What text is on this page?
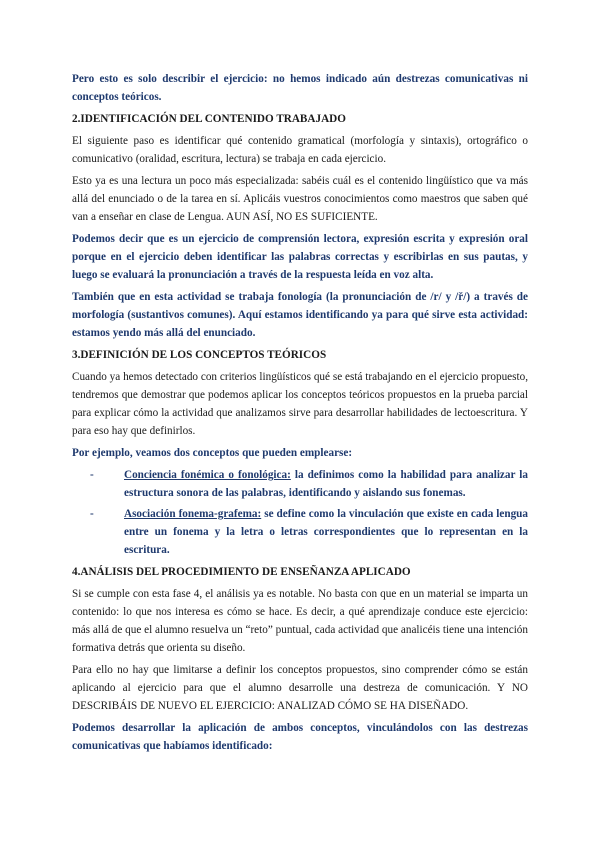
Pero esto es solo describir el ejercicio: no hemos indicado aún destrezas comunicativas ni conceptos teóricos.

2.IDENTIFICACIÓN DEL CONTENIDO TRABAJADO

El siguiente paso es identificar qué contenido gramatical (morfología y sintaxis), ortográfico o comunicativo (oralidad, escritura, lectura) se trabaja en cada ejercicio.

Esto ya es una lectura un poco más especializada: sabéis cuál es el contenido lingüístico que va más allá del enunciado o de la tarea en sí. Aplicáis vuestros conocimientos como maestros que saben qué van a enseñar en clase de Lengua. AUN ASÍ, NO ES SUFICIENTE.

Podemos decir que es un ejercicio de comprensión lectora, expresión escrita y expresión oral porque en el ejercicio deben identificar las palabras correctas y escribirlas en sus pautas, y luego se evaluará la pronunciación a través de la respuesta leída en voz alta.

También que en esta actividad se trabaja fonología (la pronunciación de /r/ y /ř/) a través de morfología (sustantivos comunes). Aquí estamos identificando ya para qué sirve esta actividad: estamos yendo más allá del enunciado.

3.DEFINICIÓN DE LOS CONCEPTOS TEÓRICOS

Cuando ya hemos detectado con criterios lingüísticos qué se está trabajando en el ejercicio propuesto, tendremos que demostrar que podemos aplicar los conceptos teóricos propuestos en la prueba parcial para explicar cómo la actividad que analizamos sirve para desarrollar habilidades de lectoescritura. Y para eso hay que definirlos.

Por ejemplo, veamos dos conceptos que pueden emplearse:

-	Conciencia fonémica o fonológica: la definimos como la habilidad para analizar la estructura sonora de las palabras, identificando y aislando sus fonemas.
-	Asociación fonema-grafema: se define como la vinculación que existe en cada lengua entre un fonema y la letra o letras correspondientes que lo representan en la escritura.
4.ANÁLISIS DEL PROCEDIMIENTO DE ENSEÑANZA APLICADO

Si se cumple con esta fase 4, el análisis ya es notable. No basta con que en un material se imparta un contenido: lo que nos interesa es cómo se hace. Es decir, a qué aprendizaje conduce este ejercicio: más allá de que el alumno resuelva un “reto” puntual, cada actividad que analicéis tiene una intención formativa detrás que orienta su diseño.

Para ello no hay que limitarse a definir los conceptos propuestos, sino comprender cómo se están aplicando al ejercicio para que el alumno desarrolle una destreza de comunicación. Y NO DESCRIBÁIS DE NUEVO EL EJERCICIO: ANALIZAD CÓMO SE HA DISEÑADO.

Podemos desarrollar la aplicación de ambos conceptos, vinculándolos con las destrezas comunicativas que habíamos identificado:
